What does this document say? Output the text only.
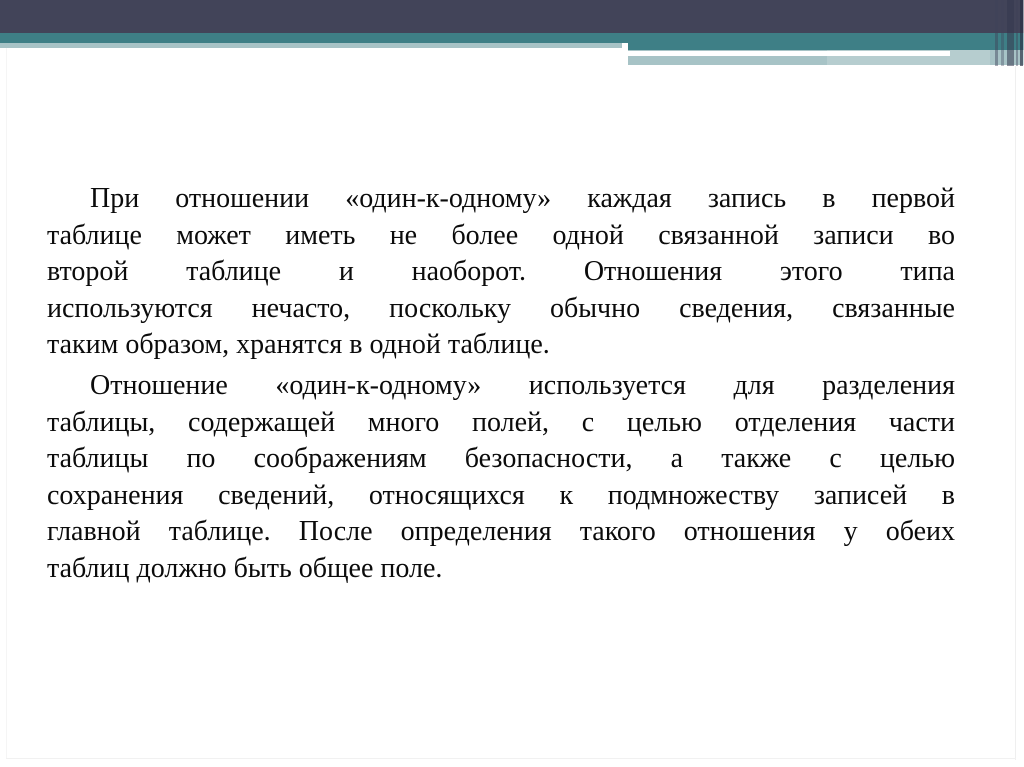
При отношении «один-к-одному» каждая запись в первой
таблице может иметь не более одной связанной записи во
второй таблице и наоборот. Отношения этого типа
используются нечасто, поскольку обычно сведения, связанные
таким образом, хранятся в одной таблице.
Отношение «один-к-одному» используется для разделения
таблицы, содержащей много полей, с целью отделения части
таблицы по соображениям безопасности, а также с целью
сохранения сведений, относящихся к подмножеству записей в
главной таблице. После определения такого отношения у обеих
таблиц должно быть общее поле.
